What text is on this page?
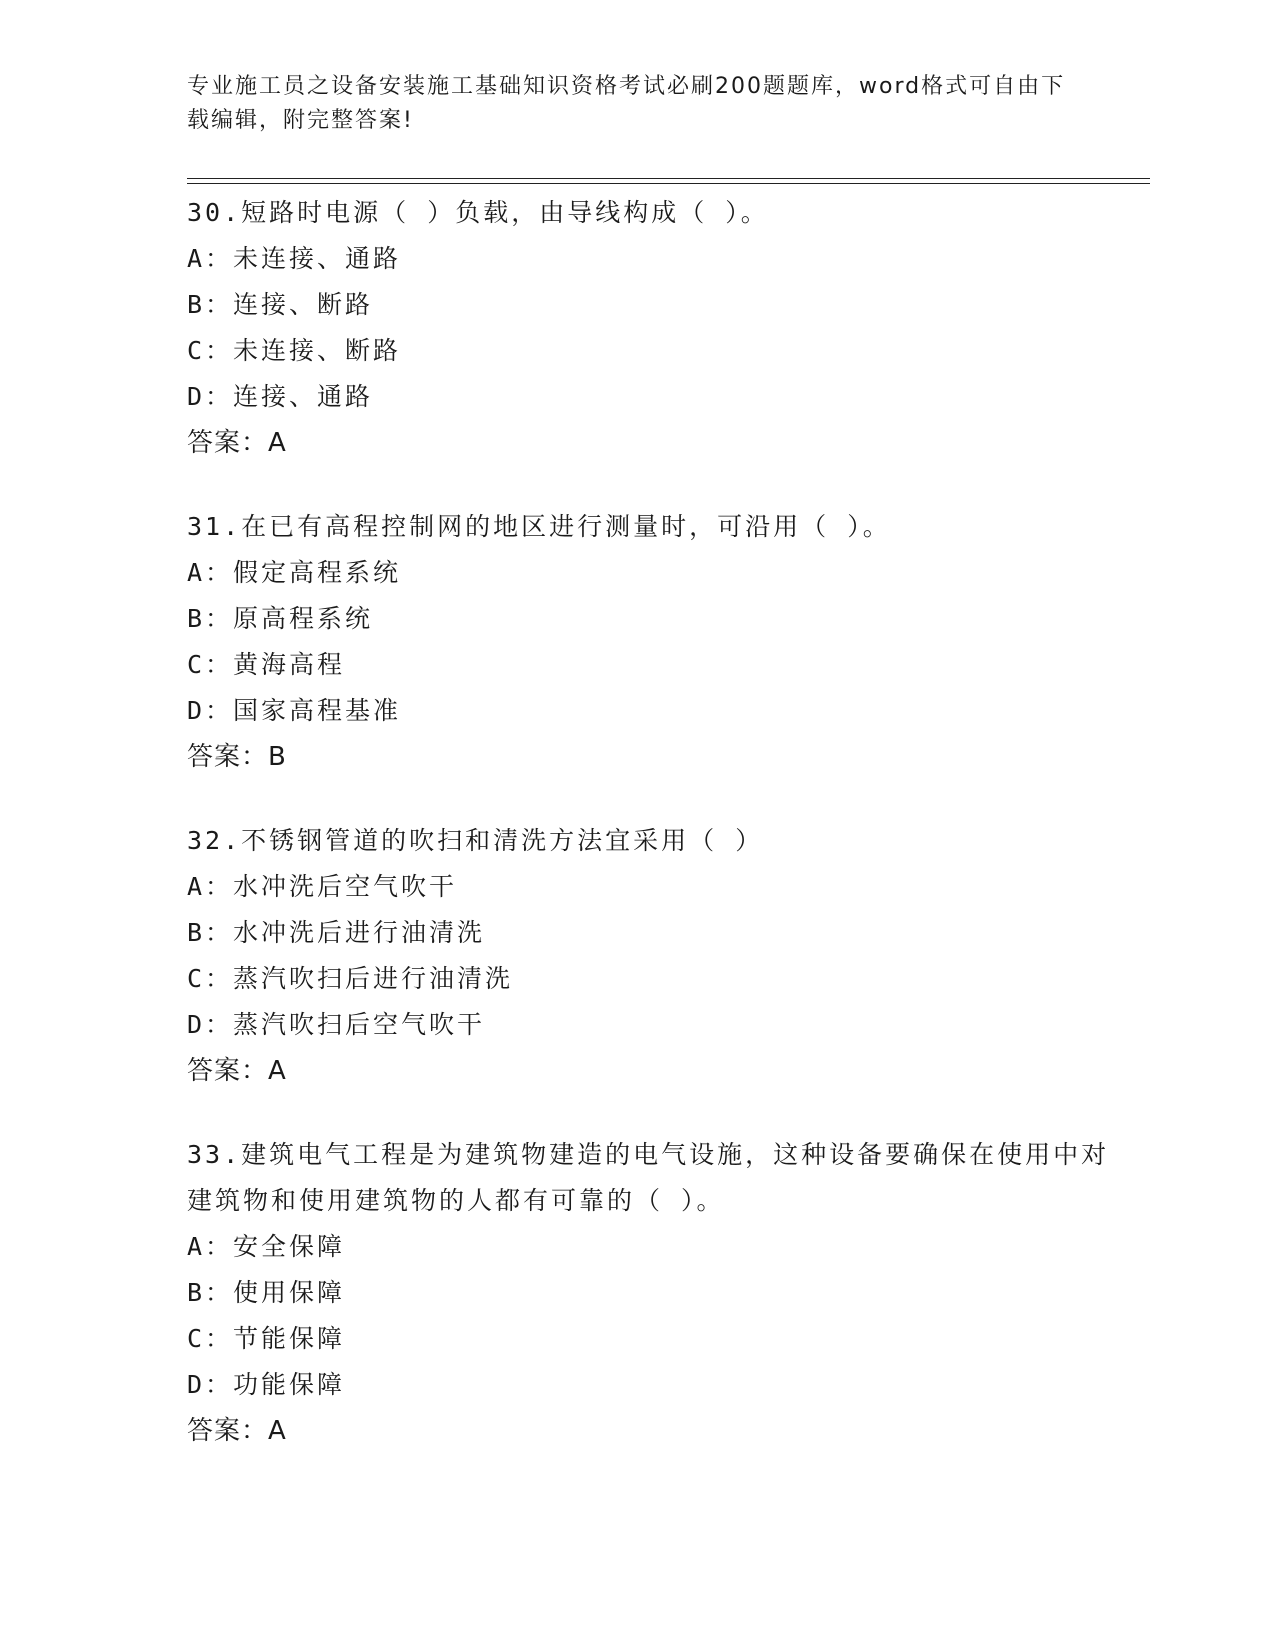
专业施工员之设备安装施工基础知识资格考试必刷200题题库，word格式可自由下载编辑，附完整答案!
30.短路时电源（ ）负载，由导线构成（ ）。
A：未连接、通路
B：连接、断路
C：未连接、断路
D：连接、通路
答案：A
31.在已有高程控制网的地区进行测量时，可沿用（ ）。
A：假定高程系统
B：原高程系统
C：黄海高程
D：国家高程基准
答案：B
32.不锈钢管道的吹扫和清洗方法宜采用（ ）
A：水冲洗后空气吹干
B：水冲洗后进行油清洗
C：蒸汽吹扫后进行油清洗
D：蒸汽吹扫后空气吹干
答案：A
33.建筑电气工程是为建筑物建造的电气设施，这种设备要确保在使用中对建筑物和使用建筑物的人都有可靠的（ ）。
A：安全保障
B：使用保障
C：节能保障
D：功能保障
答案：A
